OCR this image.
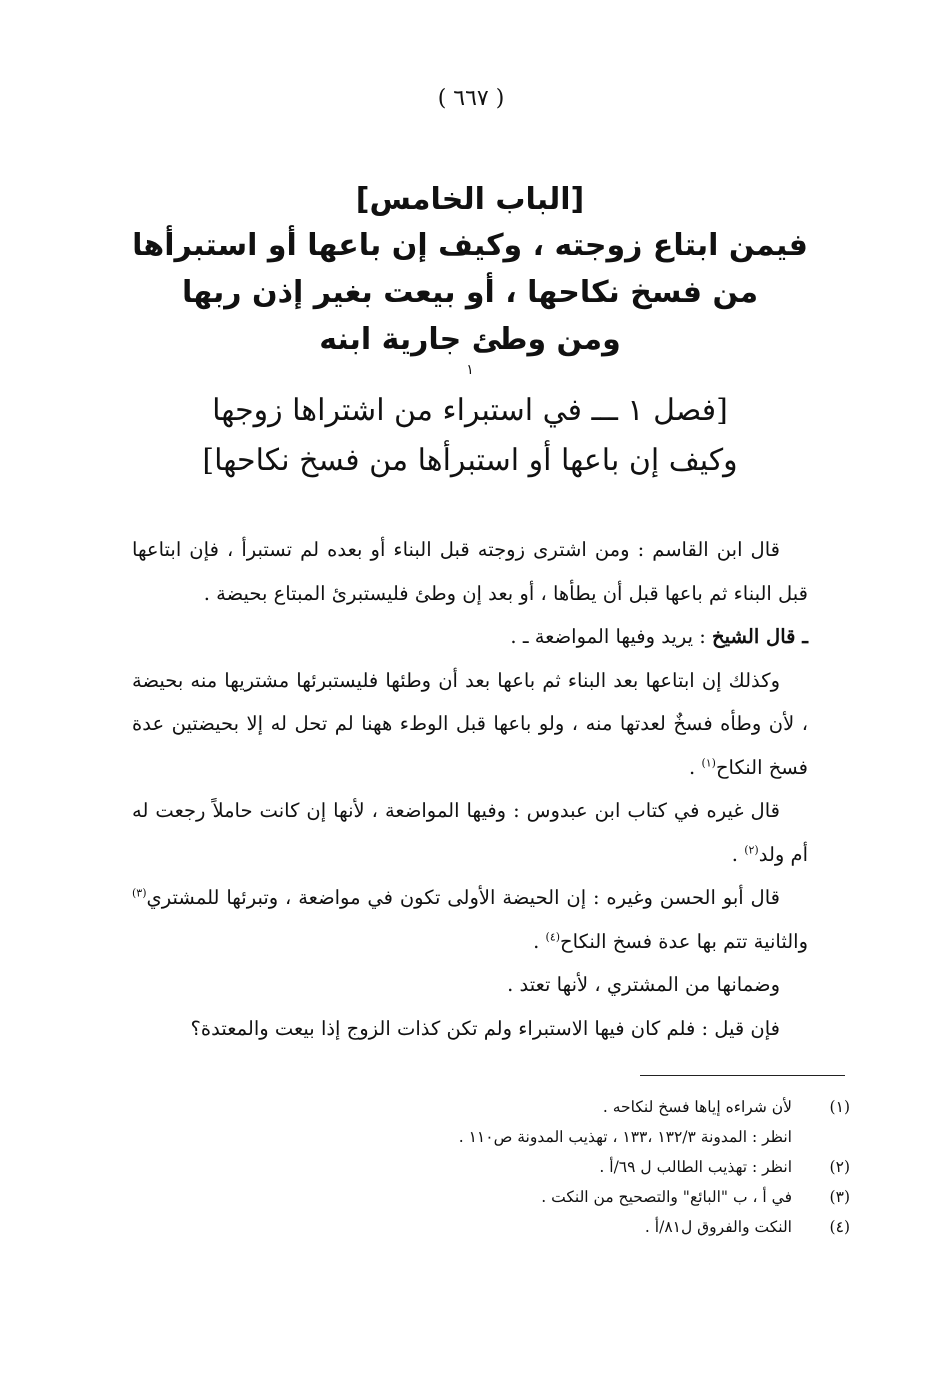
( ٦٦٧ )
[الباب الخامس]
فيمن ابتاع زوجته ، وكيف إن باعها أو استبرأها
من فسخ نكاحها ، أو بيعت بغير إذن ربها
ومن وطئ جارية ابنه
١
[فصل ١ ـــ في استبراء من اشتراها زوجها
وكيف إن باعها أو استبرأها من فسخ نكاحها]

قال ابن القاسم : ومن اشترى زوجته قبل البناء أو بعده لم تستبرأ ، فإن ابتاعها قبل البناء ثم باعها قبل أن يطأها ، أو بعد إن وطئ فليستبرئ المبتاع بحيضة .

ـ قال الشيخ : يريد وفيها المواضعة ـ .

وكذلك إن ابتاعها بعد البناء ثم باعها بعد أن وطئها فليستبرئها مشتريها منه بحيضة ، لأن وطأه فسخٌ لعدتها منه ، ولو باعها قبل الوطء ههنا لم تحل له إلا بحيضتين عدة فسخ النكاح$^{(١)}$ .

قال غيره في كتاب ابن عبدوس : وفيها المواضعة ، لأنها إن كانت حاملاً رجعت له أم ولد$^{(٢)}$ .

قال أبو الحسن وغيره : إن الحيضة الأولى تكون في مواضعة ، وتبرئها للمشتري$^{(٣)}$ والثانية تتم بها عدة فسخ النكاح$^{(٤)}$ .

وضمانها من المشتري ، لأنها تعتد .

فإن قيل : فلم كان فيها الاستبراء ولم تكن كذات الزوج إذا بيعت والمعتدة؟

(١)
لأن شراءه إياها فسخ لنكاحه .
انظر : المدونة ١٣٢/٣ ،١٣٣ ، تهذيب المدونة ص١١٠ .
(٢)
انظر : تهذيب الطالب ل ٦٩/أ .
(٣)
في أ ، ب "البائع" والتصحيح من النكت .
(٤)
النكت والفروق ل٨١/أ .
